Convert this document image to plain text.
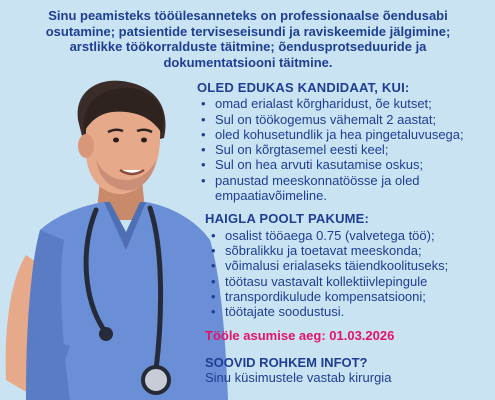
Sinu peamisteks tööülesanneteks on professionaalse õendusabi

osutamine; patsientide terviseseisundi ja raviskeemide jälgimine;

arstlikke töökorralduste täitmine; õendusprotseduuride ja

dokumentatsiooni täitmine.

OLED EDUKAS KANDIDAAT, KUI:
• omad erialast kõrgharidust, õe kutset;
• Sul on töökogemus vähemalt 2 aastat;
• oled kohusetundlik ja hea pingetaluvusega;
• Sul on kõrgtasemel eesti keel;
• Sul on hea arvuti kasutamise oskus;
• panustad meeskonnatöösse ja oled empaatiavõimeline.
HAIGLA POOLT PAKUME:
• osalist tööaega 0.75 (valvetega töö);
• sõbralikku ja toetavat meeskonda;
• võimalusi erialaseks täiendkoolituseks;
• töötasu vastavalt kollektiivlepingule
• transpordikulude kompensatsiooni;
• töötajate soodustusi.
Tööle asumise aeg: 01.03.2026
SOOVID ROHKEM INFOT?
Sinu küsimustele vastab kirurgia
